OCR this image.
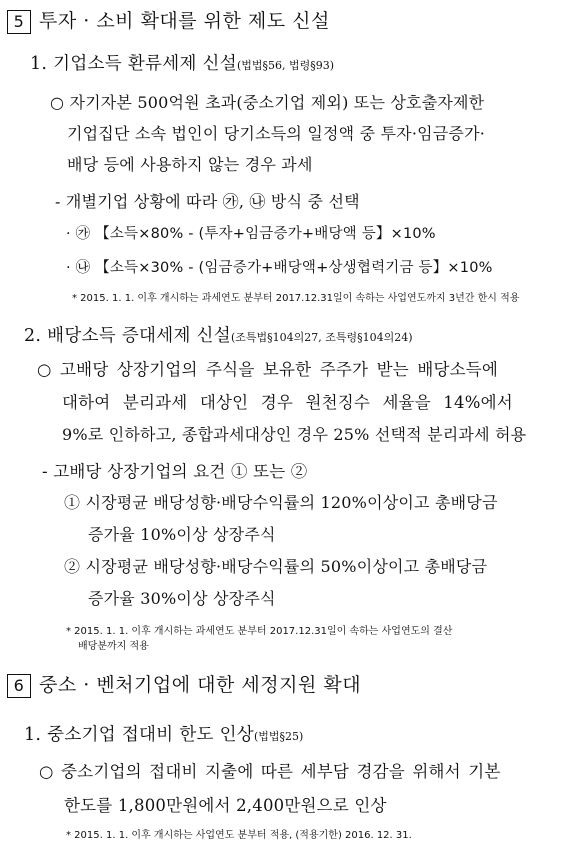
5 투자 · 소비 확대를 위한 제도 신설
1. 기업소득 환류세제 신설(법법§56, 법령§93)
○ 자기자본 500억원 초과(중소기업 제외) 또는 상호출자제한
기업집단 소속 법인이 당기소득의 일정액 중 투자·임금증가·
배당 등에 사용하지 않는 경우 과세
- 개별기업 상황에 따라 ㉮, ㉯ 방식 중 선택
· ㉮ 【소득×80% - (투자+임금증가+배당액 등】×10%
· ㉯ 【소득×30% - (임금증가+배당액+상생협력기금 등】×10%
* 2015. 1. 1. 이후 개시하는 과세연도 분부터 2017.12.31일이 속하는 사업연도까지 3년간 한시 적용
2. 배당소득 증대세제 신설(조특법§104의27, 조특령§104의24)
○ 고배당 상장기업의 주식을 보유한 주주가 받는 배당소득에
대하여 분리과세 대상인 경우 원천징수 세율을 14%에서
9%로 인하하고, 종합과세대상인 경우 25% 선택적 분리과세 허용
- 고배당 상장기업의 요건 ① 또는 ②
① 시장평균 배당성향·배당수익률의 120%이상이고 총배당금
증가율 10%이상 상장주식
② 시장평균 배당성향·배당수익률의 50%이상이고 총배당금
증가율 30%이상 상장주식
* 2015. 1. 1. 이후 개시하는 과세연도 분부터 2017.12.31일이 속하는 사업연도의 결산
배당분까지 적용
6 중소 · 벤처기업에 대한 세정지원 확대
1. 중소기업 접대비 한도 인상(법법§25)
○ 중소기업의 접대비 지출에 따른 세부담 경감을 위해서 기본
한도를 1,800만원에서 2,400만원으로 인상
* 2015. 1. 1. 이후 개시하는 사업연도 분부터 적용, (적용기한) 2016. 12. 31.
